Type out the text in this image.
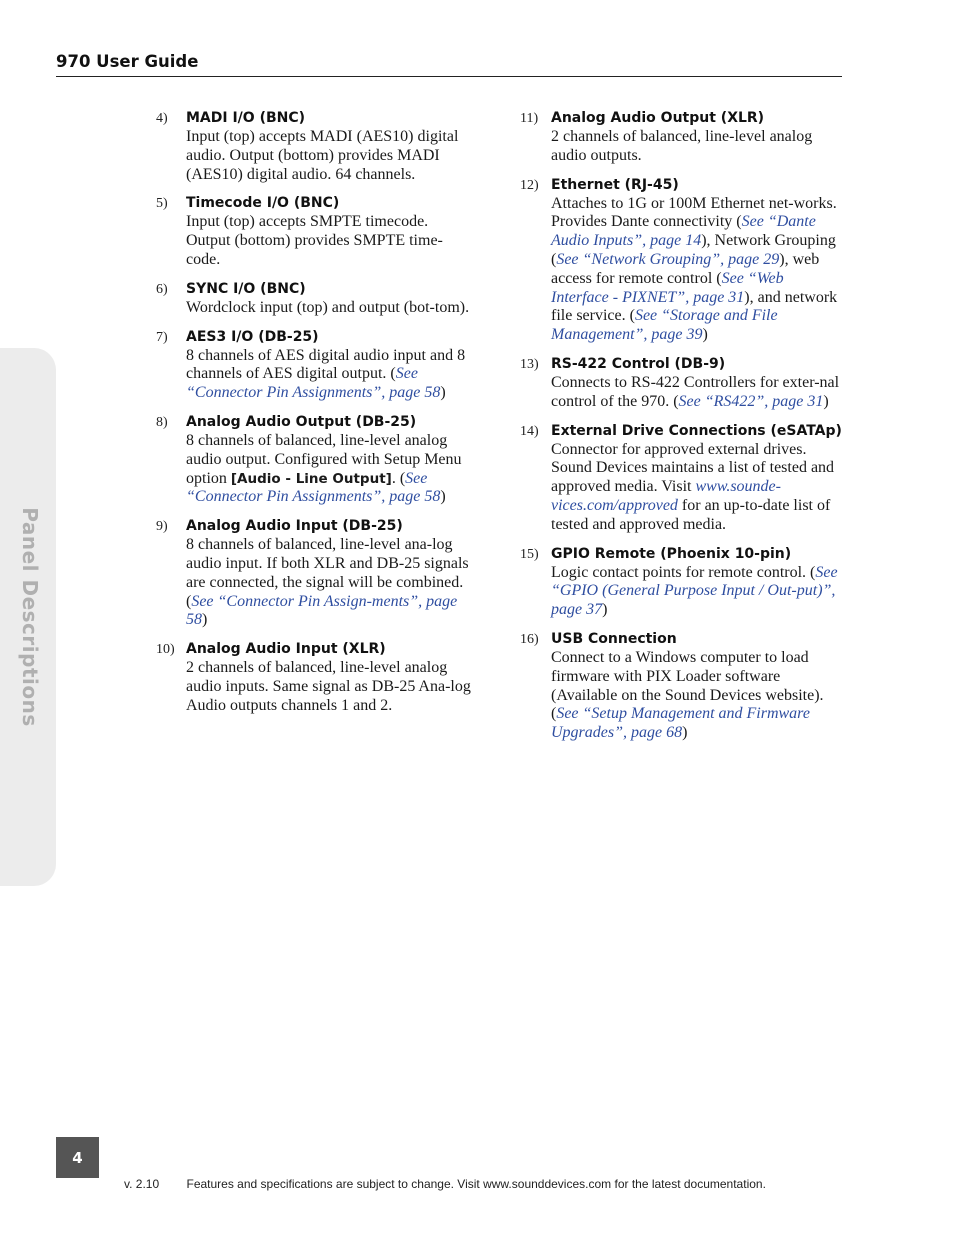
970 User Guide
Panel Descriptions
4) MADI I/O (BNC)
Input (top) accepts MADI (AES10) digital audio. Output (bottom) provides MADI (AES10) digital audio. 64 channels.
5) Timecode I/O (BNC)
Input (top) accepts SMPTE timecode. Output (bottom) provides SMPTE time-code.
6) SYNC I/O (BNC)
Wordclock input (top) and output (bot-tom).
7) AES3 I/O (DB-25)
8 channels of AES digital audio input and 8 channels of AES digital output. (See “Connector Pin Assignments”, page 58)
8) Analog Audio Output (DB-25)
8 channels of balanced, line-level analog audio output. Configured with Setup Menu option [Audio - Line Output]. (See “Connector Pin Assignments”, page 58)
9) Analog Audio Input (DB-25)
8 channels of balanced, line-level ana-log audio input. If both XLR and DB-25 signals are connected, the signal will be combined. (See “Connector Pin Assign-ments”, page 58)
10) Analog Audio Input (XLR)
2 channels of balanced, line-level analog audio inputs. Same signal as DB-25 Ana-log Audio outputs channels 1 and 2.
11) Analog Audio Output (XLR)
2 channels of balanced, line-level analog audio outputs.
12) Ethernet (RJ-45)
Attaches to 1G or 100M Ethernet net-works. Provides Dante connectivity (See “Dante Audio Inputs”, page 14), Network Grouping (See “Network Grouping”, page 29), web access for remote control (See “Web Interface - PIXNET”, page 31), and network file service. (See “Storage and File Management”, page 39)
13) RS-422 Control (DB-9)
Connects to RS-422 Controllers for exter-nal control of the 970. (See “RS422”, page 31)
14) External Drive Connections (eSATAp)
Connector for approved external drives. Sound Devices maintains a list of tested and approved media. Visit www.sounde-vices.com/approved for an up-to-date list of tested and approved media.
15) GPIO Remote (Phoenix 10-pin)
Logic contact points for remote control. (See “GPIO (General Purpose Input / Out-put)”, page 37)
16) USB Connection
Connect to a Windows computer to load firmware with PIX Loader software (Available on the Sound Devices website). (See “Setup Management and Firmware Upgrades”, page 68)
4
v. 2.10 Features and specifications are subject to change. Visit www.sounddevices.com for the latest documentation.
